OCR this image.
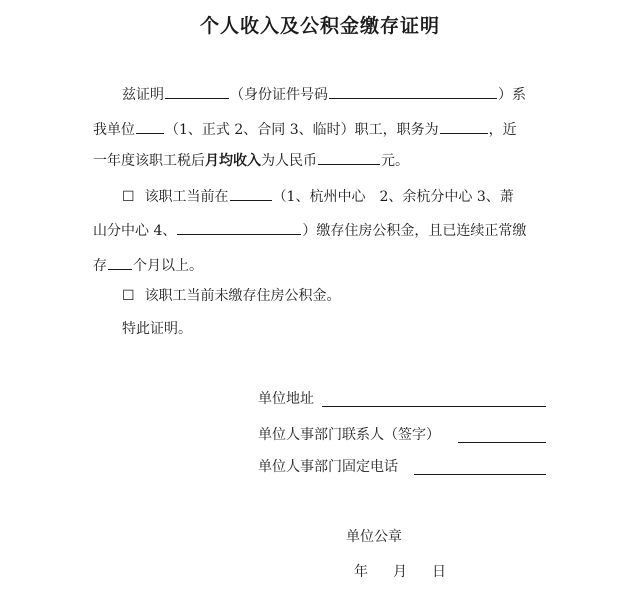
个人收入及公积金缴存证明
兹证明	（身份证件号码	）系
我单位 （1、正式 2、合同 3、临时）职工，职务为	，近
一年度该职工税后月均收入为人民币	元。
☐ 该职工当前在	（1、杭州中心　2、余杭分中心 3、萧
山分中心 4、	）缴存住房公积金，且已连续正常缴
存 个月以上。
☐ 该职工当前未缴存住房公积金。
特此证明。
单位地址
单位人事部门联系人（签字）
单位人事部门固定电话
单位公章
年 月 日
